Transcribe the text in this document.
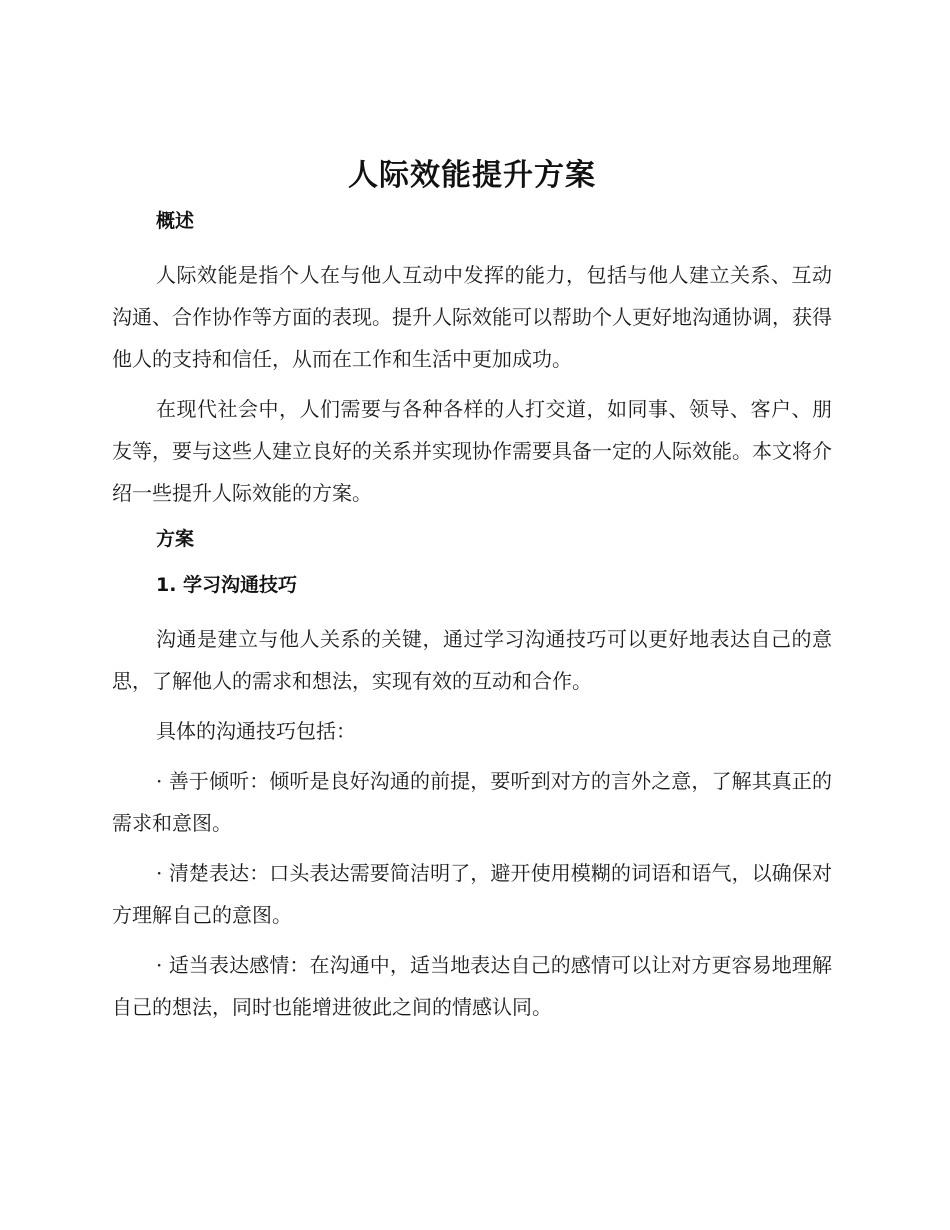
人际效能提升方案
概述

人际效能是指个人在与他人互动中发挥的能力，包括与他人建立关系、互动沟通、合作协作等方面的表现。提升人际效能可以帮助个人更好地沟通协调，获得他人的支持和信任，从而在工作和生活中更加成功。

在现代社会中，人们需要与各种各样的人打交道，如同事、领导、客户、朋友等，要与这些人建立良好的关系并实现协作需要具备一定的人际效能。本文将介绍一些提升人际效能的方案。

方案
1. 学习沟通技巧

沟通是建立与他人关系的关键，通过学习沟通技巧可以更好地表达自己的意思，了解他人的需求和想法，实现有效的互动和合作。

具体的沟通技巧包括：

· 善于倾听：倾听是良好沟通的前提，要听到对方的言外之意，了解其真正的需求和意图。

· 清楚表达：口头表达需要简洁明了，避开使用模糊的词语和语气，以确保对方理解自己的意图。

· 适当表达感情：在沟通中，适当地表达自己的感情可以让对方更容易地理解自己的想法，同时也能增进彼此之间的情感认同。
